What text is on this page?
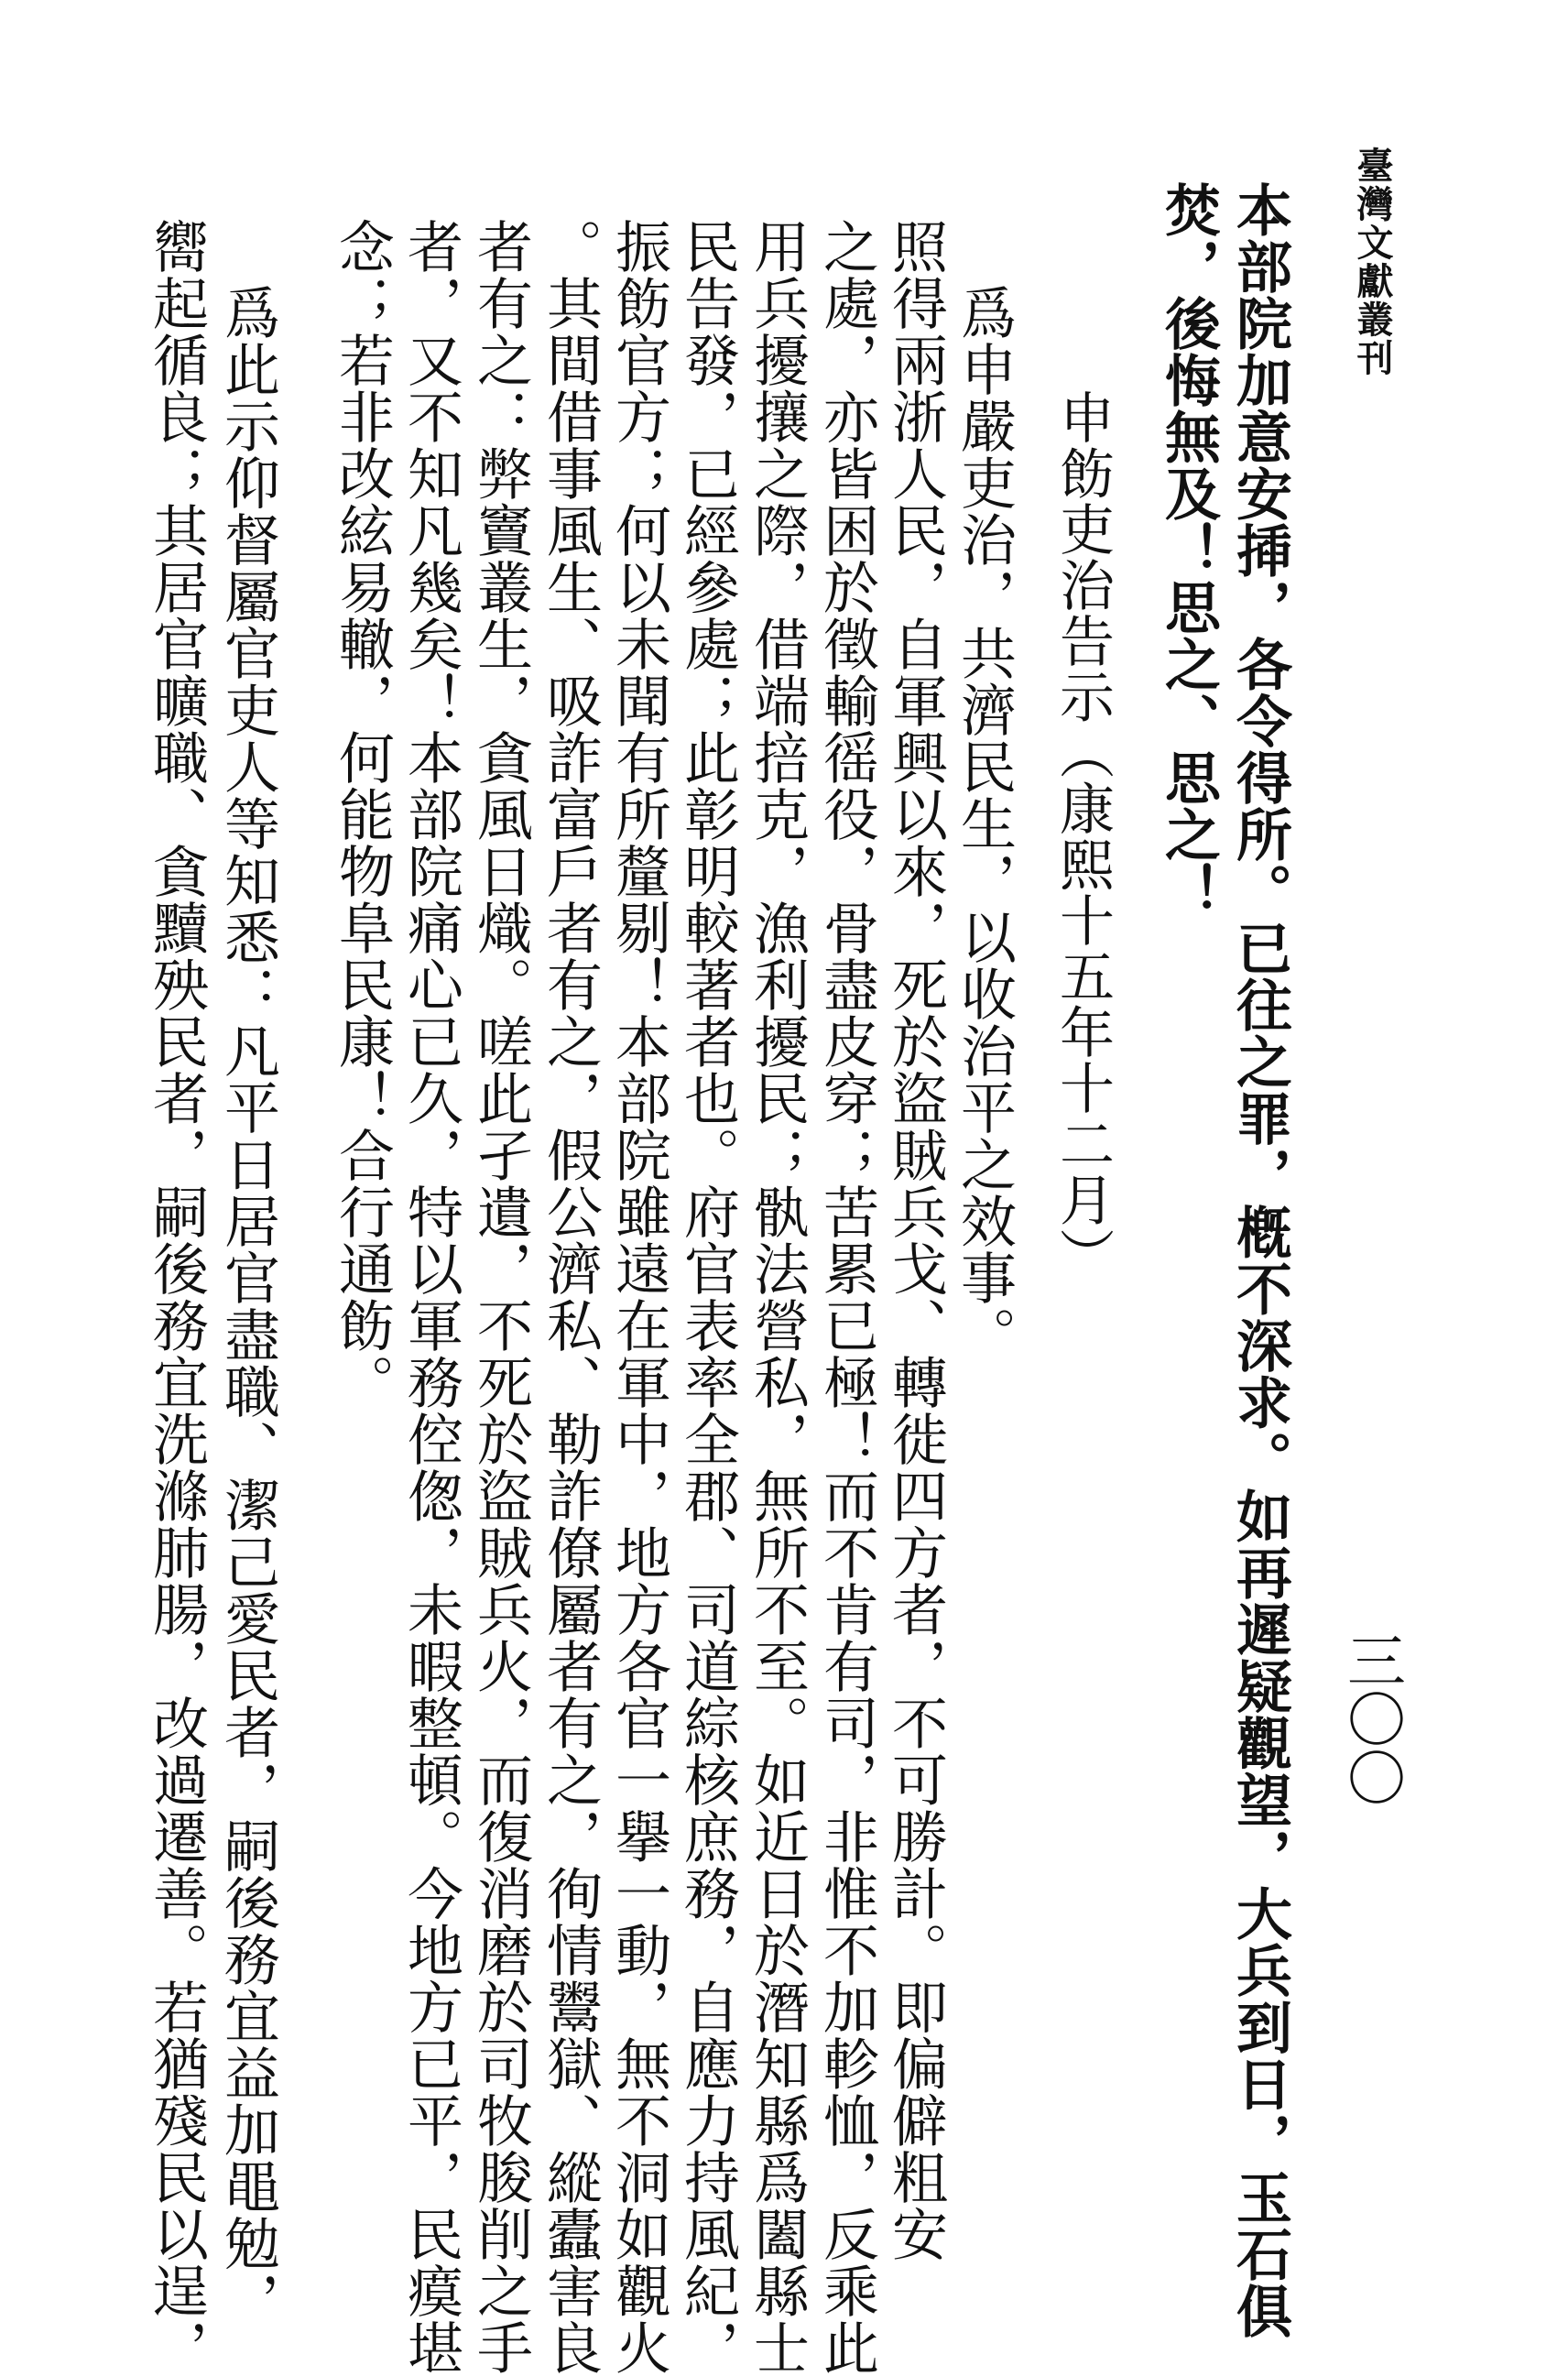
臺灣文獻叢刊
三〇〇
本部院加意安揷，各令得所。已往之罪，槪不深求。如再遲疑觀望，大兵到日，玉石俱
焚，後悔無及！思之、思之！
申飭吏治告示（康熙十五年十二月）
爲申嚴吏治，共濟民生，以收治平之效事。
照得兩浙人民，自軍興以來，死於盜賊兵戈、轉徙四方者，不可勝計。即偏僻粗安
之處，亦皆困於徵輸徭役，骨盡皮穿；苦累已極！而不肯有司，非惟不加軫恤，反乘此
用兵擾攘之際，借端掊克，漁利擾民；骫法營私，無所不至。如近日於潛知縣爲闔縣士
民告發，已經參處；此彰明較著者也。府官表率全郡、司道綜核庶務，自應力持風紀，
振飭官方；何以未聞有所釐剔！本部院雖遠在軍中，地方各官一擧一動，無不洞如觀火
。其間借事風生、吸詐富戶者有之，假公濟私、勒詐僚屬者有之，徇情鬻獄、縱蠹害良
者有之：弊竇叢生，貪風日熾。嗟此孑遺，不死於盜賊兵火，而復消磨於司牧朘削之手
者，又不知凡幾矣！本部院痛心已久，特以軍務倥偬，未暇整頓。今地方已平，民瘼堪
念；若非改絃易轍，何能物阜民康！合行通飭。
爲此示仰督屬官吏人等知悉：凡平日居官盡職、潔己愛民者，嗣後務宜益加黽勉，
嚮起循良；其居官曠職、貪黷殃民者，嗣後務宜洗滌肺腸，改過遷善。若猶殘民以逞，
